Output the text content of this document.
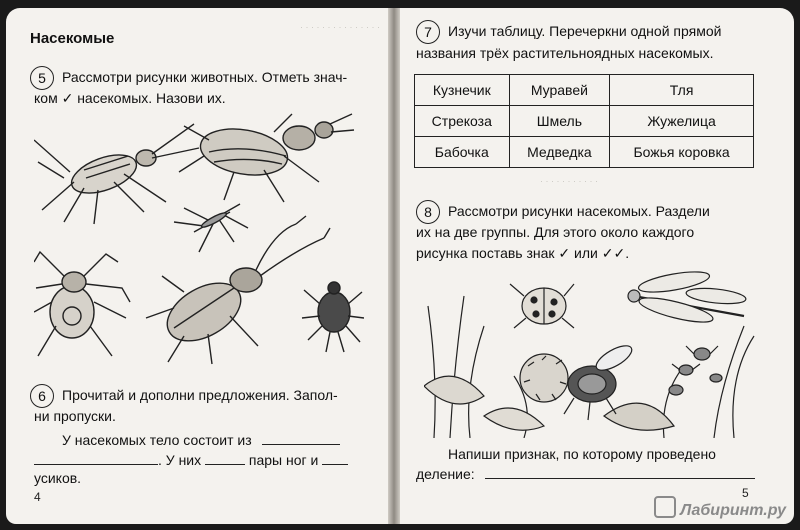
· · · · · · · · · · · · · · ·
· · · · · · · · · · ·
Насекомые
5	Рассмотри рисунки животных. Отметь знач-
ком ✓ насекомых. Назови их.
6	Прочитай и дополни предложения. Запол-
ни пропуски.
У насекомых тело состоит из
. У них	пары ног и
усиков.
4
7	Изучи таблицу. Перечеркни одной прямой
названия трёх растительноядных насекомых.
Кузнечик	Муравей	Тля
Стрекоза	Шмель	Жужелица
Бабочка	Медведка	Божья коровка
8	Рассмотри рисунки насекомых. Раздели
их на две группы. Для этого около каждого
рисунка поставь знак ✓ или ✓✓.
Напиши признак, по которому проведено
деление:
5
Лабиринт.ру
